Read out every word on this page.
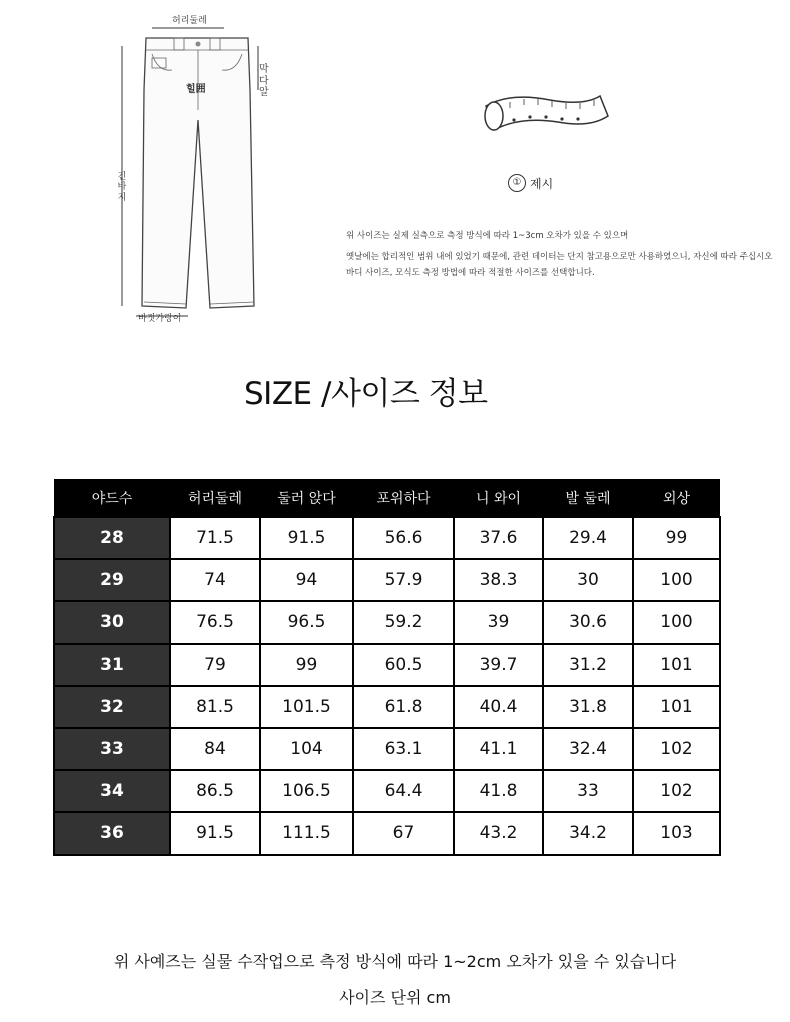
허리둘레
막다 알
힐囲
긴 바지
바짓가랑이
① 제시
위 사이즈는 실제 실측으로 측정 방식에 따라 1~3cm 오차가 있을 수 있으며
옛날에는 합리적인 범위 내에 있었기 때문에, 관련 데이터는 단지 참고용으로만 사용하였으니, 자신에 따라 주십시오
바디 사이즈, 모식도 측정 방법에 따라 적절한 사이즈를 선택합니다.
SIZE /사이즈 정보
야드수	허리둘레	둘러 앉다	포위하다	니 와이	발 둘레	외상
28	71.5	91.5	56.6	37.6	29.4	99
29	74	94	57.9	38.3	30	100
30	76.5	96.5	59.2	39	30.6	100
31	79	99	60.5	39.7	31.2	101
32	81.5	101.5	61.8	40.4	31.8	101
33	84	104	63.1	41.1	32.4	102
34	86.5	106.5	64.4	41.8	33	102
36	91.5	111.5	67	43.2	34.2	103
위 사예즈는 실물 수작업으로 측정 방식에 따라 1~2cm 오차가 있을 수 있습니다
사이즈 단위 cm
